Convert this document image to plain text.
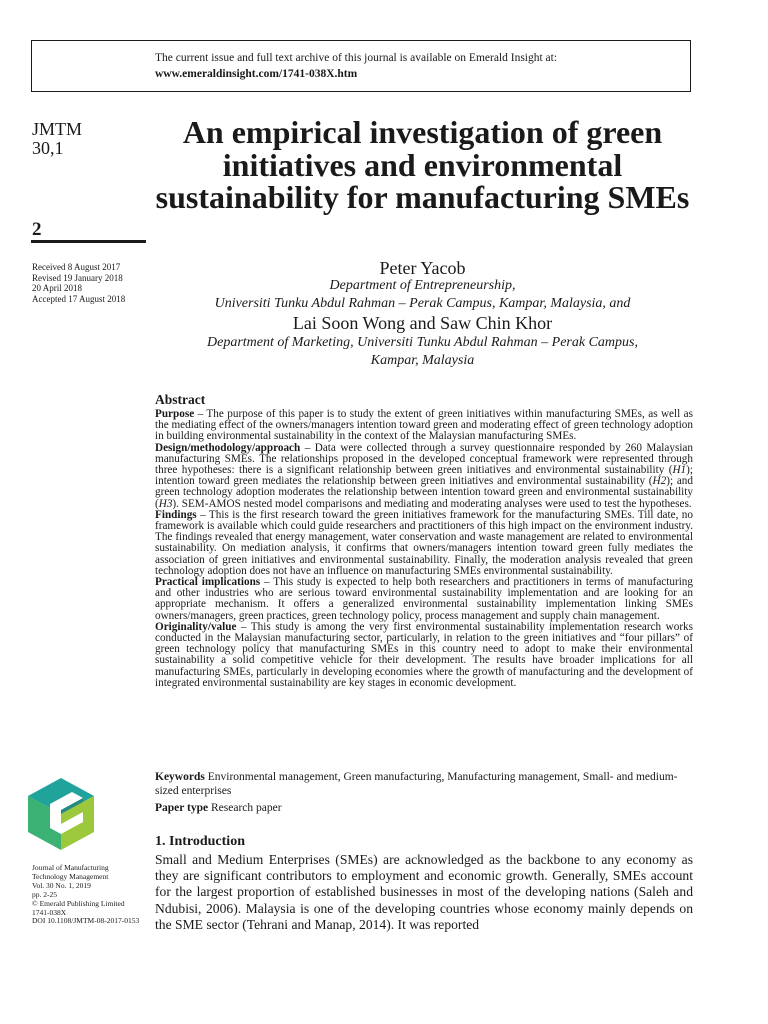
The current issue and full text archive of this journal is available on Emerald Insight at:
www.emeraldinsight.com/1741-038X.htm
JMTM
30,1
2
Received 8 August 2017
Revised 19 January 2018
20 April 2018
Accepted 17 August 2018
Journal of Manufacturing
Technology Management
Vol. 30 No. 1, 2019
pp. 2-25
© Emerald Publishing Limited
1741-038X
DOI 10.1108/JMTM-08-2017-0153
An empirical investigation of green initiatives and environmental sustainability for manufacturing SMEs
Peter Yacob
Department of Entrepreneurship,
Universiti Tunku Abdul Rahman – Perak Campus, Kampar, Malaysia, and
Lai Soon Wong and Saw Chin Khor
Department of Marketing, Universiti Tunku Abdul Rahman – Perak Campus,
Kampar, Malaysia
Abstract

Purpose – The purpose of this paper is to study the extent of green initiatives within manufacturing SMEs, as well as the mediating effect of the owners/managers intention toward green and moderating effect of green technology adoption in building environmental sustainability in the context of the Malaysian manufacturing SMEs.

Design/methodology/approach – Data were collected through a survey questionnaire responded by 260 Malaysian manufacturing SMEs. The relationships proposed in the developed conceptual framework were represented through three hypotheses: there is a significant relationship between green initiatives and environmental sustainability (H1); intention toward green mediates the relationship between green initiatives and environmental sustainability (H2); and green technology adoption moderates the relationship between intention toward green and environmental sustainability (H3). SEM-AMOS nested model comparisons and mediating and moderating analyses were used to test the hypotheses.

Findings – This is the first research toward the green initiatives framework for the manufacturing SMEs. Till date, no framework is available which could guide researchers and practitioners of this high impact on the environment industry. The findings revealed that energy management, water conservation and waste management are related to environmental sustainability. On mediation analysis, it confirms that owners/managers intention toward green fully mediates the association of green initiatives and environmental sustainability. Finally, the moderation analysis revealed that green technology adoption does not have an influence on manufacturing SMEs environmental sustainability.

Practical implications – This study is expected to help both researchers and practitioners in terms of manufacturing and other industries who are serious toward environmental sustainability implementation and are looking for an appropriate mechanism. It offers a generalized environmental sustainability implementation linking SMEs owners/managers, green practices, green technology policy, process management and supply chain management.

Originality/value – This study is among the very first environmental sustainability implementation research works conducted in the Malaysian manufacturing sector, particularly, in relation to the green initiatives and “four pillars” of green technology policy that manufacturing SMEs in this country need to adopt to make their environmental sustainability a solid competitive vehicle for their development. The results have broader implications for all manufacturing SMEs, particularly in developing economies where the growth of manufacturing and the development of integrated environmental sustainability are key stages in economic development.

Keywords Environmental management, Green manufacturing, Manufacturing management, Small- and medium-sized enterprises
Paper type Research paper
1. Introduction
Small and Medium Enterprises (SMEs) are acknowledged as the backbone to any economy as they are significant contributors to employment and economic growth. Generally, SMEs account for the largest proportion of established businesses in most of the developing nations (Saleh and Ndubisi, 2006). Malaysia is one of the developing countries whose economy mainly depends on the SME sector (Tehrani and Manap, 2014). It was reported
